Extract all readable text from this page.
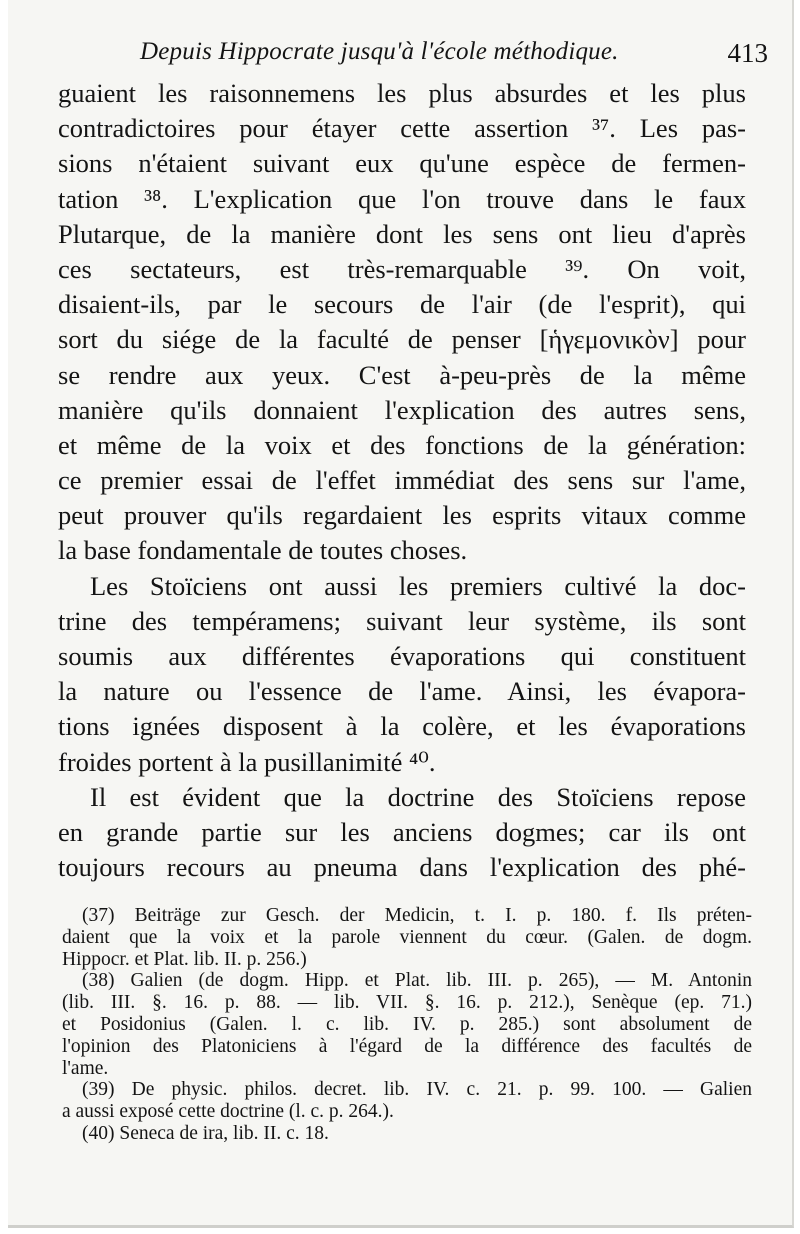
Depuis Hippocrate jusqu'à l'école méthodique.	413
guaient les raisonnemens les plus absurdes et les plus
contradictoires pour étayer cette assertion ³⁷. Les pas-
sions n'étaient suivant eux qu'une espèce de fermen-
tation ³⁸. L'explication que l'on trouve dans le faux
Plutarque, de la manière dont les sens ont lieu d'après
ces sectateurs, est très-remarquable ³⁹. On voit,
disaient-ils, par le secours de l'air (de l'esprit), qui
sort du siége de la faculté de penser [ἡγεμονικὸν] pour
se rendre aux yeux. C'est à-peu-près de la même
manière qu'ils donnaient l'explication des autres sens,
et même de la voix et des fonctions de la génération:
ce premier essai de l'effet immédiat des sens sur l'ame,
peut prouver qu'ils regardaient les esprits vitaux comme
la base fondamentale de toutes choses.
Les Stoïciens ont aussi les premiers cultivé la doc-
trine des tempéramens; suivant leur système, ils sont
soumis aux différentes évaporations qui constituent
la nature ou l'essence de l'ame. Ainsi, les évapora-
tions ignées disposent à la colère, et les évaporations
froides portent à la pusillanimité ⁴⁰.
Il est évident que la doctrine des Stoïciens repose
en grande partie sur les anciens dogmes; car ils ont
toujours recours au pneuma dans l'explication des phé-
(37) Beiträge zur Gesch. der Medicin, t. I. p. 180. f. Ils préten-
daient que la voix et la parole viennent du cœur. (Galen. de dogm.
Hippocr. et Plat. lib. II. p. 256.)
(38) Galien (de dogm. Hipp. et Plat. lib. III. p. 265), — M. Antonin
(lib. III. §. 16. p. 88. — lib. VII. §. 16. p. 212.), Senèque (ep. 71.)
et Posidonius (Galen. l. c. lib. IV. p. 285.) sont absolument de
l'opinion des Platoniciens à l'égard de la différence des facultés de
l'ame.
(39) De physic. philos. decret. lib. IV. c. 21. p. 99. 100. — Galien
a aussi exposé cette doctrine (l. c. p. 264.).
(40) Seneca de ira, lib. II. c. 18.
